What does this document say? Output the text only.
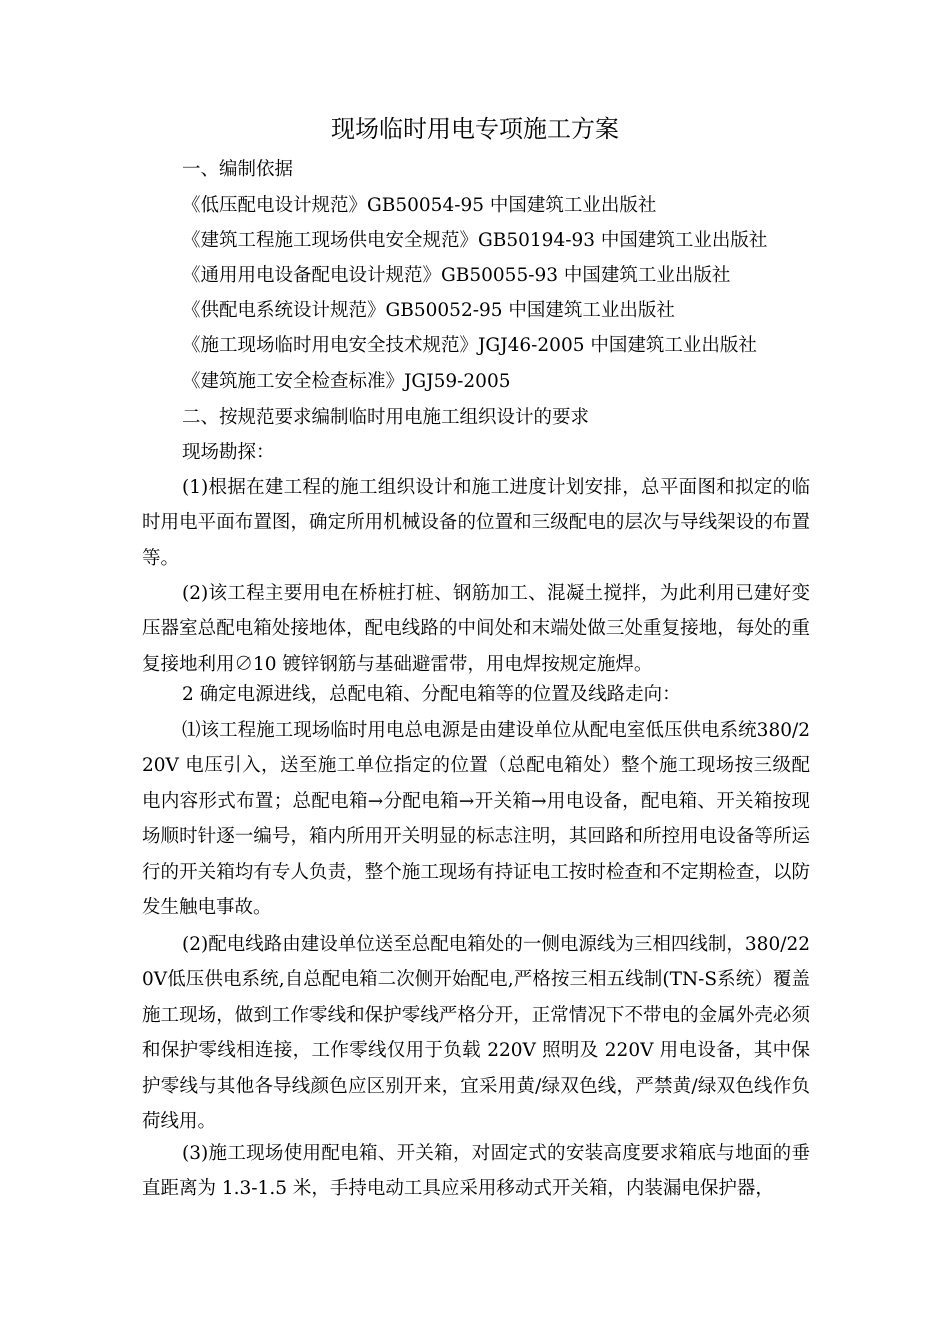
现场临时用电专项施工方案
一、编制依据
《低压配电设计规范》GB50054-95 中国建筑工业出版社
《建筑工程施工现场供电安全规范》GB50194-93 中国建筑工业出版社
《通用用电设备配电设计规范》GB50055-93 中国建筑工业出版社
《供配电系统设计规范》GB50052-95 中国建筑工业出版社
《施工现场临时用电安全技术规范》JGJ46-2005 中国建筑工业出版社
《建筑施工安全检查标准》JGJ59-2005
二、按规范要求编制临时用电施工组织设计的要求
现场勘探：
(1)根据在建工程的施工组织设计和施工进度计划安排，总平面图和拟定的临时用电平面布置图，确定所用机械设备的位置和三级配电的层次与导线架设的布置等。
(2)该工程主要用电在桥桩打桩、钢筋加工、混凝土搅拌，为此利用已建好变压器室总配电箱处接地体，配电线路的中间处和末端处做三处重复接地，每处的重复接地利用∅10 镀锌钢筋与基础避雷带，用电焊按规定施焊。
2 确定电源进线，总配电箱、分配电箱等的位置及线路走向：
⑴该工程施工现场临时用电总电源是由建设单位从配电室低压供电系统380/220V 电压引入，送至施工单位指定的位置（总配电箱处）整个施工现场按三级配电内容形式布置；总配电箱→分配电箱→开关箱→用电设备，配电箱、开关箱按现场顺时针逐一编号，箱内所用开关明显的标志注明，其回路和所控用电设备等所运行的开关箱均有专人负责，整个施工现场有持证电工按时检查和不定期检查，以防发生触电事故。
(2)配电线路由建设单位送至总配电箱处的一侧电源线为三相四线制，380/220V低压供电系统,自总配电箱二次侧开始配电,严格按三相五线制(TN-S系统）覆盖施工现场，做到工作零线和保护零线严格分开，正常情况下不带电的金属外壳必须和保护零线相连接，工作零线仅用于负载 220V 照明及 220V 用电设备，其中保护零线与其他各导线颜色应区别开来，宜采用黄/绿双色线，严禁黄/绿双色线作负荷线用。
(3)施工现场使用配电箱、开关箱，对固定式的安装高度要求箱底与地面的垂直距离为 1.3-1.5 米，手持电动工具应采用移动式开关箱，内装漏电保护器，
